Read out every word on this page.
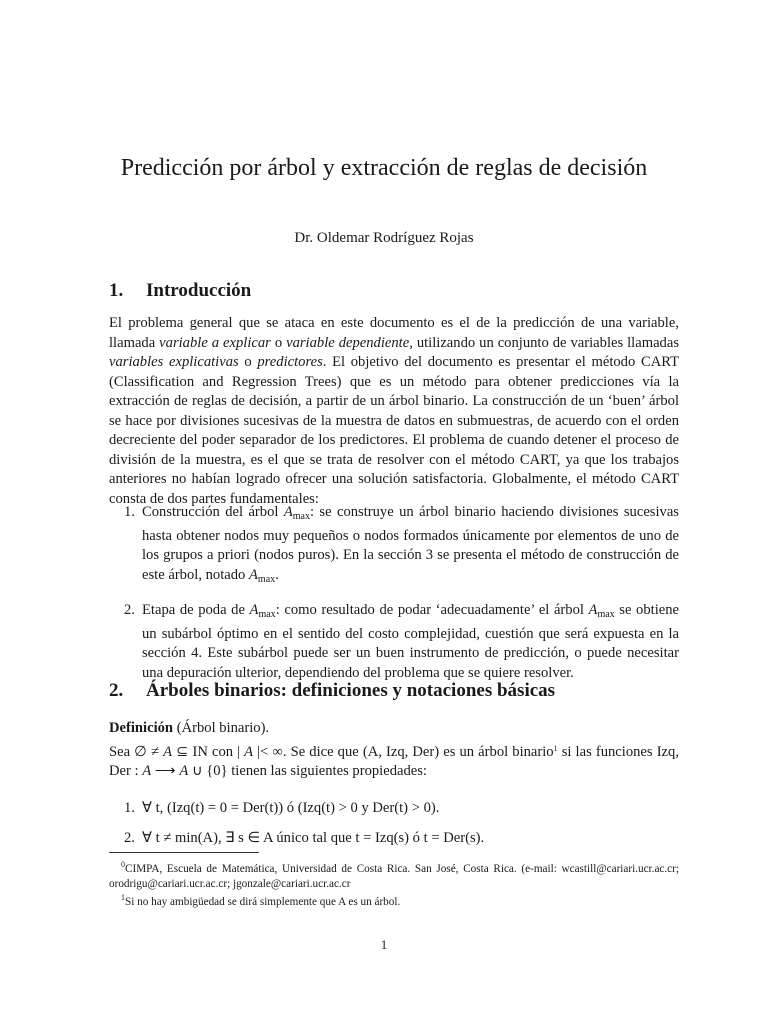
Predicción por árbol y extracción de reglas de decisión
Dr. Oldemar Rodríguez Rojas
1. Introducción

El problema general que se ataca en este documento es el de la predicción de una variable, llamada variable a explicar o variable dependiente, utilizando un conjunto de variables llamadas variables explicativas o predictores. El objetivo del documento es presentar el método CART (Classification and Regression Trees) que es un método para obtener predicciones vía la extracción de reglas de decisión, a partir de un árbol binario. La construcción de un ‘buen’ árbol se hace por divisiones sucesivas de la muestra de datos en submuestras, de acuerdo con el orden decreciente del poder separador de los predictores. El problema de cuando detener el proceso de división de la muestra, es el que se trata de resolver con el método CART, ya que los trabajos anteriores no habían logrado ofrecer una solución satisfactoria. Globalmente, el método CART consta de dos partes fundamentales:

1. Construcción del árbol $A_{max}$: se construye un árbol binario haciendo divisiones sucesivas hasta obtener nodos muy pequeños o nodos formados únicamente por elementos de uno de los grupos a priori (nodos puros). En la sección 3 se presenta el método de construcción de este árbol, notado $A_{max}$.
2. Etapa de poda de $A_{max}$: como resultado de podar ‘adecuadamente’ el árbol $A_{max}$ se obtiene un subárbol óptimo en el sentido del costo complejidad, cuestión que será expuesta en la sección 4. Este subárbol puede ser un buen instrumento de predicción, o puede necesitar una depuración ulterior, dependiendo del problema que se quiere resolver.
2. Árboles binarios: definiciones y notaciones básicas

Definición (Árbol binario).
Sea ∅ ≠ A ⊆ IN con | A |< ∞. Se dice que (A, Izq, Der) es un árbol binario$^1$ si las funciones Izq, Der : A ⟶ A ∪ {0} tienen las siguientes propiedades:

1. ∀ t, (Izq(t) = 0 = Der(t)) ó (Izq(t) > 0 y Der(t) > 0).
2. ∀ t ≠ min(A), ∃ s ∈ A único tal que t = Izq(s) ó t = Der(s).

$^0$CIMPA, Escuela de Matemática, Universidad de Costa Rica. San José, Costa Rica. (e-mail: wcastill@cariari.ucr.ac.cr; orodrigu@cariari.ucr.ac.cr; jgonzale@cariari.ucr.ac.cr

$^1$Si no hay ambigüedad se dirá simplemente que A es un árbol.

1
